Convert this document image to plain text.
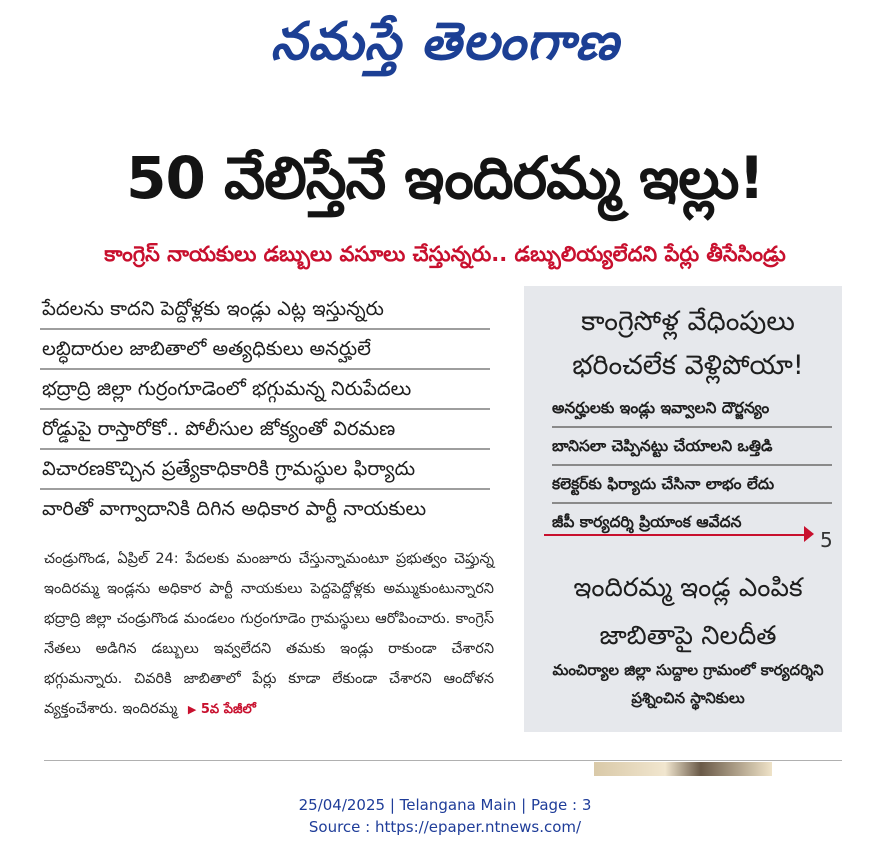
నమస్తే తెలంగాణ
50 వేలిస్తేనే ఇందిరమ్మ ఇల్లు!
కాంగ్రెస్ నాయకులు డబ్బులు వసూలు చేస్తున్నరు.. డబ్బులియ్యలేదని పేర్లు తీసేసిండ్రు
పేదలను కాదని పెద్దోళ్లకు ఇండ్లు ఎట్ల ఇస్తున్నరు
లబ్ధిదారుల జాబితాలో అత్యధికులు అనర్హులే
భద్రాద్రి జిల్లా గుర్రంగూడెంలో భగ్గుమన్న నిరుపేదలు
రోడ్డుపై రాస్తారోకో.. పోలీసుల జోక్యంతో విరమణ
విచారణకొచ్చిన ప్రత్యేకాధికారికి గ్రామస్థుల ఫిర్యాదు
వారితో వాగ్వాదానికి దిగిన అధికార పార్టీ నాయకులు
చండ్రుగొండ, ఏప్రిల్ 24: పేదలకు మంజూరు చేస్తున్నామంటూ ప్రభుత్వం చెప్తున్న ఇందిరమ్మ ఇండ్లను అధికార పార్టీ నాయకులు పెద్దపెద్దోళ్లకు అమ్ముకుంటున్నారని భద్రాద్రి జిల్లా చండ్రుగొండ మండలం గుర్రంగూడెం గ్రామస్థులు ఆరోపించారు. కాంగ్రెస్ నేతలు అడిగిన డబ్బులు ఇవ్వలేదని తమకు ఇండ్లు రాకుండా చేశారని భగ్గుమన్నారు. చివరికి జాబితాలో పేర్లు కూడా లేకుండా చేశారని ఆందోళన వ్యక్తంచేశారు. ఇందిరమ్మ ▶ 5వ పేజీలో
కాంగ్రెసోళ్ల వేధింపులు భరించలేక వెళ్లిపోయా!
అనర్హులకు ఇండ్లు ఇవ్వాలని దౌర్జన్యం
బానిసలా చెప్పినట్టు చేయాలని ఒత్తిడి
కలెక్టర్‌కు ఫిర్యాదు చేసినా లాభం లేదు
జీపీ కార్యదర్శి ప్రియాంక ఆవేదన
5
ఇందిరమ్మ ఇండ్ల ఎంపిక జాబితాపై నిలదీత
మంచిర్యాల జిల్లా సుద్దాల గ్రామంలో కార్యదర్శిని ప్రశ్నించిన స్థానికులు
25/04/2025 | Telangana Main | Page : 3
Source : https://epaper.ntnews.com/
